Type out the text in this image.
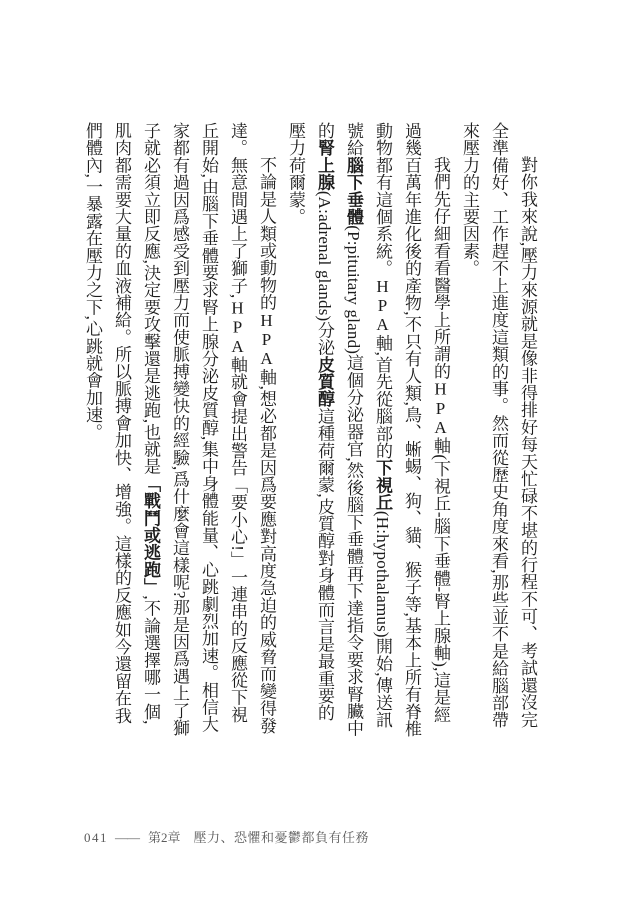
對你我來說,壓力來源就是像非得排好每天忙碌不堪的行程不可、考試還沒完全準備好、工作趕不上進度這類的事。然而從歷史角度來看,那些並不是給腦部帶來壓力的主要因素。

我們先仔細看看醫學上所謂的HPA軸(下視丘-腦下垂體-腎上腺軸),這是經過幾百萬年進化後的產物,不只有人類,鳥、蜥蜴、狗、貓、猴子等,基本上所有脊椎動物都有這個系統。HPA軸,首先從腦部的下視丘(H:hypothalamus)開始,傳送訊號給腦下垂體(P:pituitary gland)這個分泌器官,然後腦下垂體再下達指令要求腎臟中的腎上腺(A:adrenal glands)分泌皮質醇這種荷爾蒙,皮質醇對身體而言是最重要的壓力荷爾蒙。

不論是人類或動物的HPA軸,想必都是因爲要應對高度急迫的威脅而變得發達。無意間遇上了獅子,HPA軸就會提出警告「要小心!」一連串的反應從下視丘開始,由腦下垂體要求腎上腺分泌皮質醇,集中身體能量、心跳劇烈加速。相信大家都有過因爲感受到壓力而使脈搏變快的經驗,爲什麼會這樣呢?那是因爲遇上了獅子就必須立即反應,決定要攻擊還是逃跑,也就是「戰鬥或逃跑」,不論選擇哪一個,肌肉都需要大量的血液補給。所以脈搏會加快、增強。這樣的反應如今還留在我們體內,一暴露在壓力之下,心跳就會加速。

041 —— 第2章 壓力、恐懼和憂鬱都負有任務
